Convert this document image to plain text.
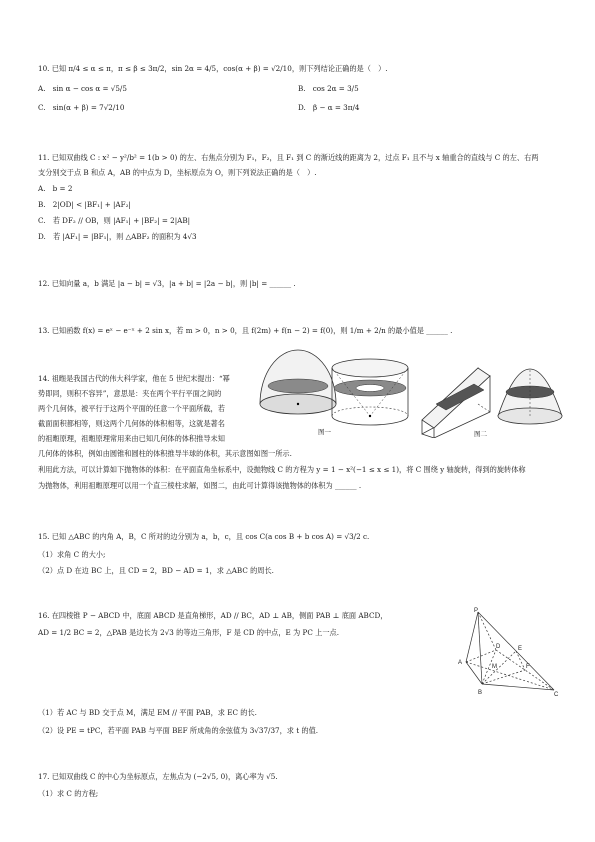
10. 已知 π/4 ≤ α ≤ π，π ≤ β ≤ 3π/2，sin 2α = 4/5，cos(α + β) = √2/10，则下列结论正确的是（　）.
A.　sin α − cos α = √5/5	B.　cos 2α = 3/5
C.　sin(α + β) = 7√2/10	D.　β − α = 3π/4
11. 已知双曲线 C : x² − y²/b² = 1(b > 0) 的左、右焦点分别为 F₁，F₂，且 F₁ 到 C 的渐近线的距离为 2，过点 F₁ 且不与 x 轴重合的直线与 C 的左、右两
支分别交于点 B 和点 A，AB 的中点为 D，坐标原点为 O，则下列说法正确的是（　）.
A.　b = 2
B.　2|OD| < |BF₁| + |AF₂|
C.　若 DF₂ // OB，则 |AF₁| + |BF₂| = 2|AB|
D.　若 |AF₁| = |BF₁|，则 △ABF₂ 的面积为 4√3
12. 已知向量 a，b 满足 |a − b| = √3，|a + b| = |2a − b|，则 |b| = ______ .
13. 已知函数 f(x) = eˣ − e⁻ˣ + 2 sin x，若 m > 0，n > 0，且 f(2m) + f(n − 2) = f(0)，则 1/m + 2/n 的最小值是 ______ .
14. 祖暅是我国古代的伟大科学家，他在 5 世纪末提出：“幂
势即同，则积不容异”，意思是：夹在两个平行平面之间的
两个几何体，被平行于这两个平面的任意一个平面所截，若
截面面积都相等，则这两个几何体的体积相等，这就是著名
的祖暅原理，祖暅原理常用来由已知几何体的体积推导未知
几何体的体积，例如由圆锥和圆柱的体积推导半球的体积，其示意图如图一所示.
利用此方法，可以计算如下抛物体的体积：在平面直角坐标系中，设抛物线 C 的方程为 y = 1 − x²(−1 ≤ x ≤ 1)，将 C 围绕 y 轴旋转，得到的旋转体称
为抛物体，利用祖暅原理可以用一个直三棱柱求解，如图二，由此可计算得该抛物体的体积为 ______ .
图一	图二
15. 已知 △ABC 的内角 A，B，C 所对的边分别为 a，b，c，且 cos C(a cos B + b cos A) = √3/2 c.
（1）求角 C 的大小;
（2）点 D 在边 BC 上，且 CD = 2，BD − AD = 1，求 △ABC 的周长.
16. 在四棱锥 P − ABCD 中，底面 ABCD 是直角梯形，AD // BC，AD ⊥ AB，侧面 PAB ⊥ 底面 ABCD，
AD = 1/2 BC = 2，△PAB 是边长为 2√3 的等边三角形，F 是 CD 的中点，E 为 PC 上一点.
（1）若 AC 与 BD 交于点 M，满足 EM // 平面 PAB，求 EC 的长.
（2）设 PE = tPC，若平面 PAB 与平面 BEF 所成角的余弦值为 3√37/37，求 t 的值.
P
A
D
F
E
B	C
M
17. 已知双曲线 C 的中心为坐标原点，左焦点为 (−2√5, 0)，离心率为 √5.
（1）求 C 的方程;
